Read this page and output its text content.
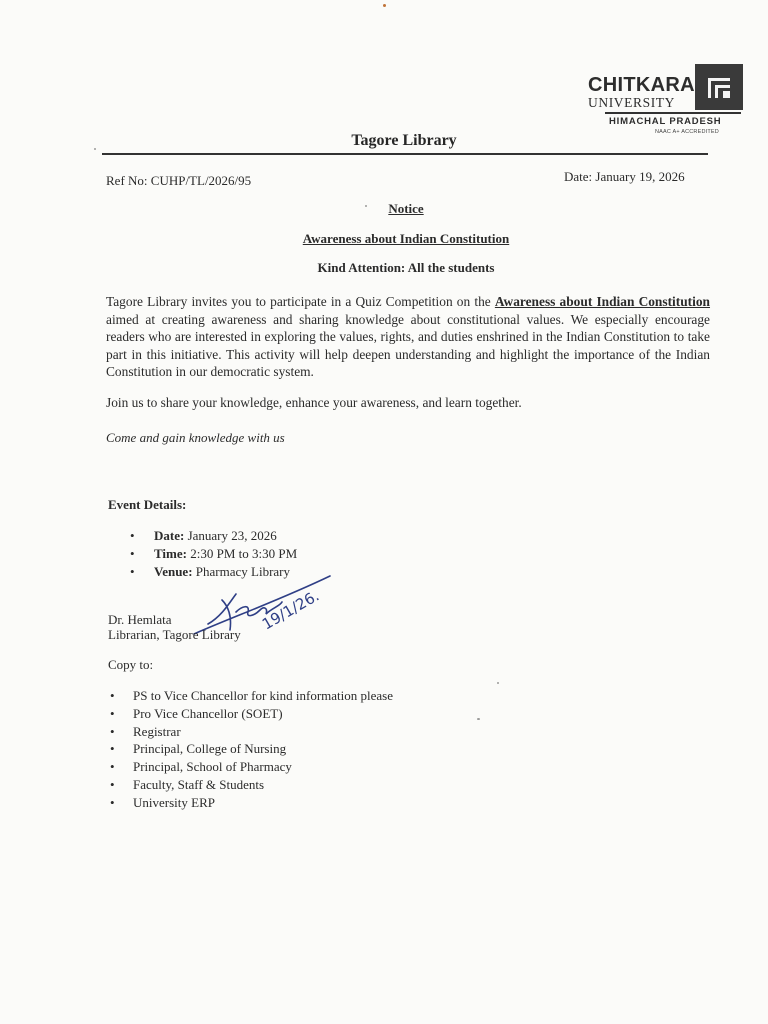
CHITKARA
UNIVERSITY
HIMACHAL PRADESH
NAAC A+ ACCREDITED
Tagore Library
Ref No: CUHP/TL/2026/95	Date: January 19, 2026
Notice
Awareness about Indian Constitution
Kind Attention: All the students
Tagore Library invites you to participate in a Quiz Competition on the Awareness about Indian Constitution aimed at creating awareness and sharing knowledge about constitutional values. We especially encourage readers who are interested in exploring the values, rights, and duties enshrined in the Indian Constitution to take part in this initiative. This activity will help deepen understanding and highlight the importance of the Indian Constitution in our democratic system.
Join us to share your knowledge, enhance your awareness, and learn together.
Come and gain knowledge with us
Event Details:
• Date: January 23, 2026
• Time: 2:30 PM to 3:30 PM
• Venue: Pharmacy Library
19/1/26.
Dr. Hemlata
Librarian, Tagore Library
Copy to:
• PS to Vice Chancellor for kind information please
• Pro Vice Chancellor (SOET)
• Registrar
• Principal, College of Nursing
• Principal, School of Pharmacy
• Faculty, Staff & Students
• University ERP
